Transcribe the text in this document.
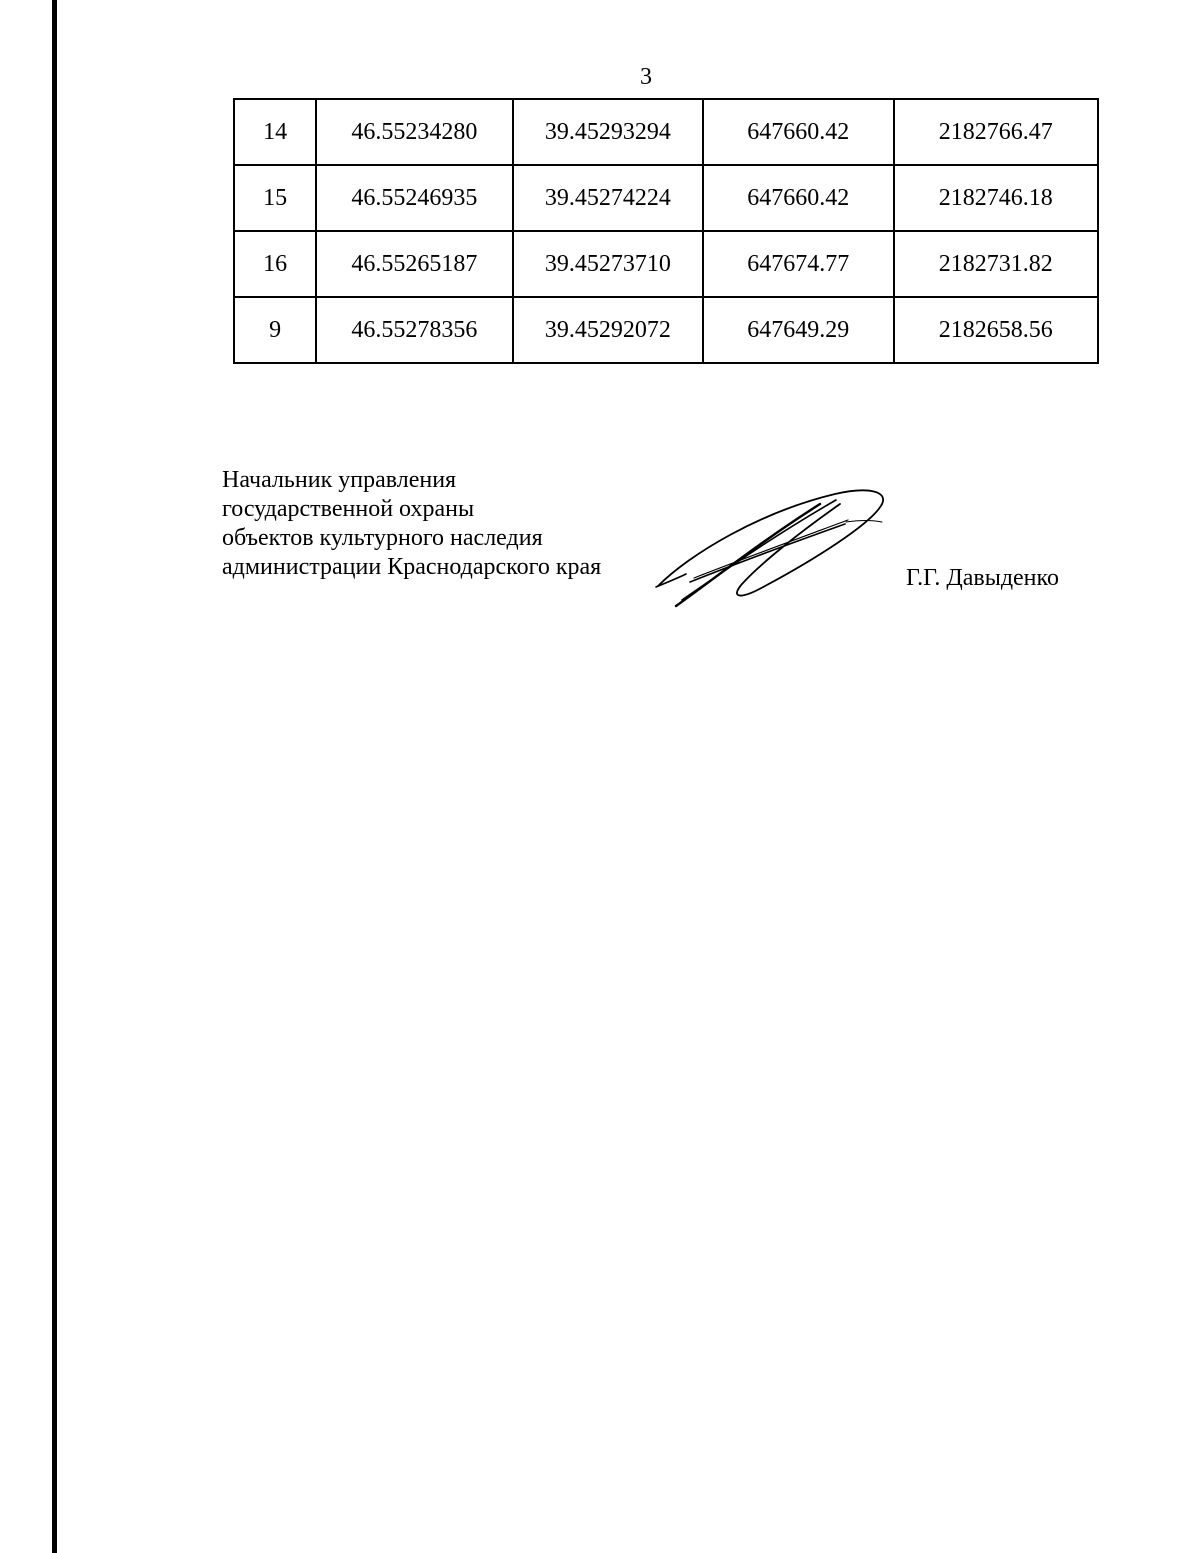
3
14	46.55234280	39.45293294	647660.42	2182766.47
15	46.55246935	39.45274224	647660.42	2182746.18
16	46.55265187	39.45273710	647674.77	2182731.82
9	46.55278356	39.45292072	647649.29	2182658.56
Начальник управления
государственной охраны
объектов культурного наследия
администрации Краснодарского края	Г.Г. Давыденко
